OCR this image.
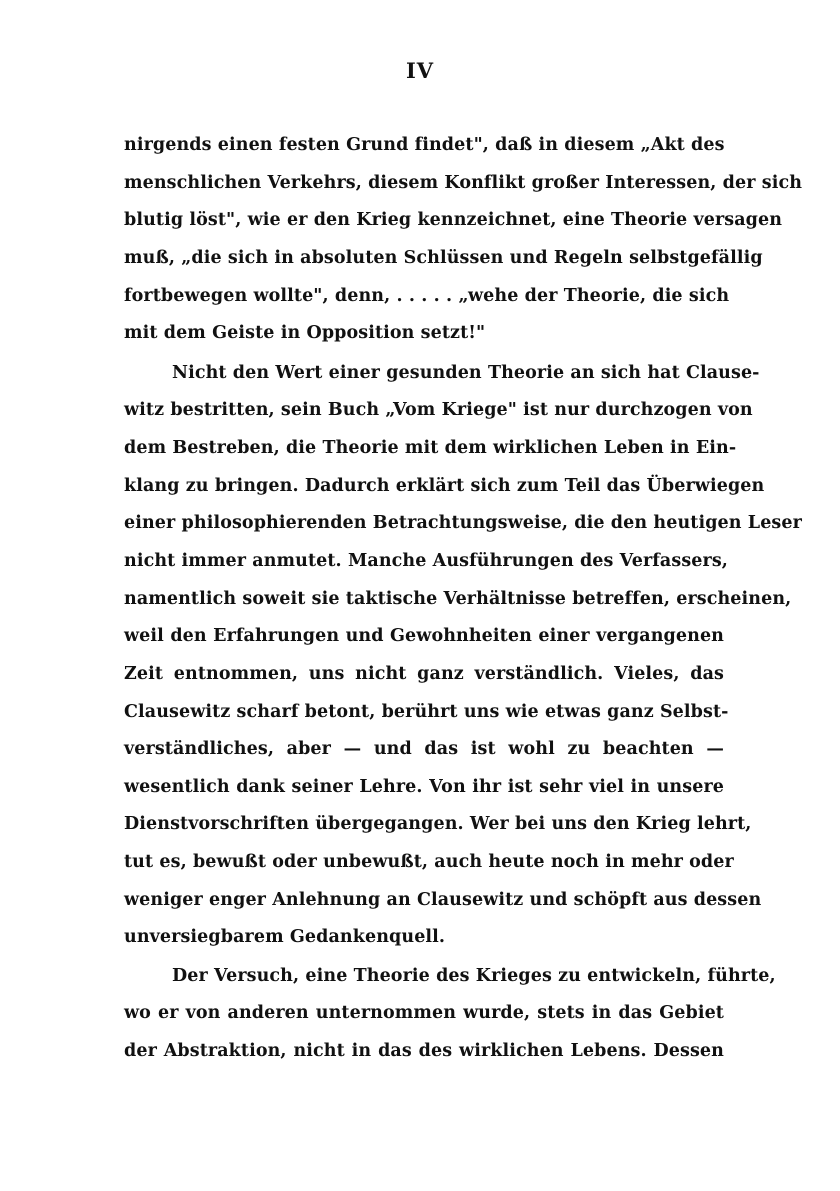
IV
nirgends einen festen Grund findet", daß in diesem „Akt des
menschlichen Verkehrs, diesem Konflikt großer Interessen, der sich
blutig löst", wie er den Krieg kennzeichnet, eine Theorie versagen
muß, „die sich in absoluten Schlüssen und Regeln selbstgefällig
fortbewegen wollte", denn, . . . . . „wehe der Theorie, die sich
mit dem Geiste in Opposition setzt!"
Nicht den Wert einer gesunden Theorie an sich hat Clause-
witz bestritten, sein Buch „Vom Kriege" ist nur durchzogen von
dem Bestreben, die Theorie mit dem wirklichen Leben in Ein-
klang zu bringen. Dadurch erklärt sich zum Teil das Überwiegen
einer philosophierenden Betrachtungsweise, die den heutigen Leser
nicht immer anmutet. Manche Ausführungen des Verfassers,
namentlich soweit sie taktische Verhältnisse betreffen, erscheinen,
weil den Erfahrungen und Gewohnheiten einer vergangenen
Zeit entnommen, uns nicht ganz verständlich. Vieles, das
Clausewitz scharf betont, berührt uns wie etwas ganz Selbst-
verständliches, aber — und das ist wohl zu beachten —
wesentlich dank seiner Lehre. Von ihr ist sehr viel in unsere
Dienstvorschriften übergegangen. Wer bei uns den Krieg lehrt,
tut es, bewußt oder unbewußt, auch heute noch in mehr oder
weniger enger Anlehnung an Clausewitz und schöpft aus dessen
unversiegbarem Gedankenquell.
Der Versuch, eine Theorie des Krieges zu entwickeln, führte,
wo er von anderen unternommen wurde, stets in das Gebiet
der Abstraktion, nicht in das des wirklichen Lebens. Dessen
